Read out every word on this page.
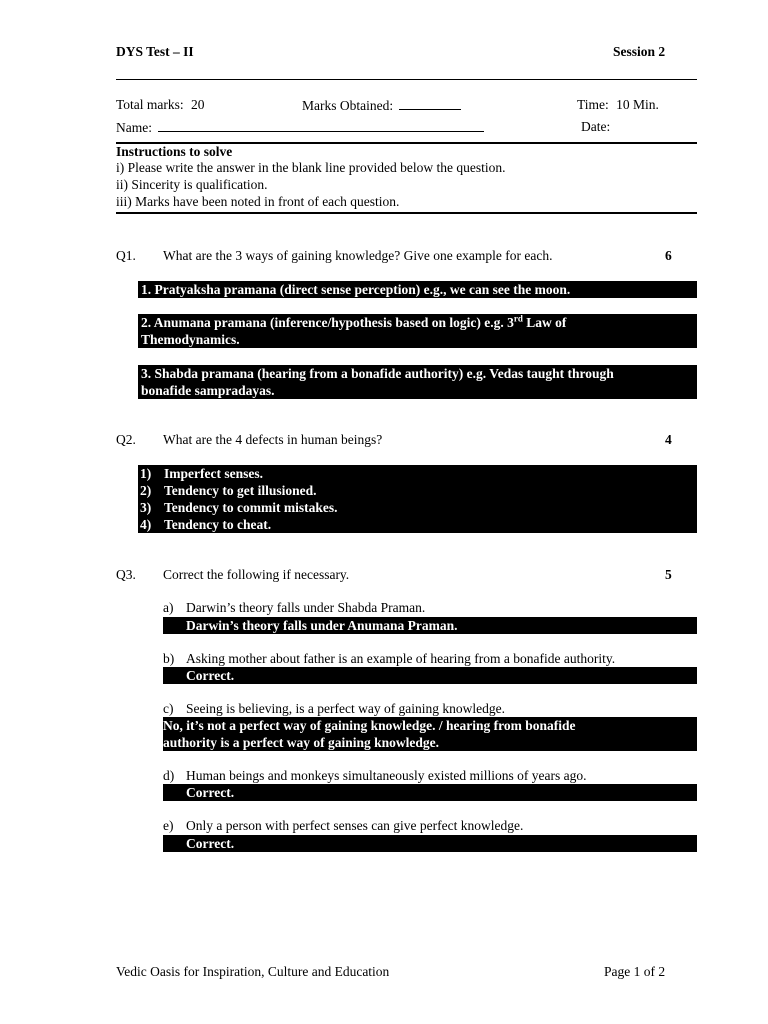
DYS Test – II	Session 2
Total marks: 20	Marks Obtained:	Time: 10 Min.
Name:	Date:
Instructions to solve
i) Please write the answer in the blank line provided below the question.
ii) Sincerity is qualification.
iii) Marks have been noted in front of each question.
Q1. What are the 3 ways of gaining knowledge? Give one example for each.	6
1. Pratyaksha pramana (direct sense perception) e.g., we can see the moon.
2. Anumana pramana (inference/hypothesis based on logic) e.g. 3rd Law of
Themodynamics.
3. Shabda pramana (hearing from a bonafide authority) e.g. Vedas taught through
bonafide sampradayas.
Q2. What are the 4 defects in human beings?	4
1) Imperfect senses.
2) Tendency to get illusioned.
3) Tendency to commit mistakes.
4) Tendency to cheat.
Q3. Correct the following if necessary.	5
a) Darwin’s theory falls under Shabda Praman.
Darwin’s theory falls under Anumana Praman.
b) Asking mother about father is an example of hearing from a bonafide authority.
Correct.
c) Seeing is believing, is a perfect way of gaining knowledge.
No, it’s not a perfect way of gaining knowledge. / hearing from bonafide
authority is a perfect way of gaining knowledge.
d) Human beings and monkeys simultaneously existed millions of years ago.
Correct.
e) Only a person with perfect senses can give perfect knowledge.
Correct.
Vedic Oasis for Inspiration, Culture and Education	Page 1 of 2
